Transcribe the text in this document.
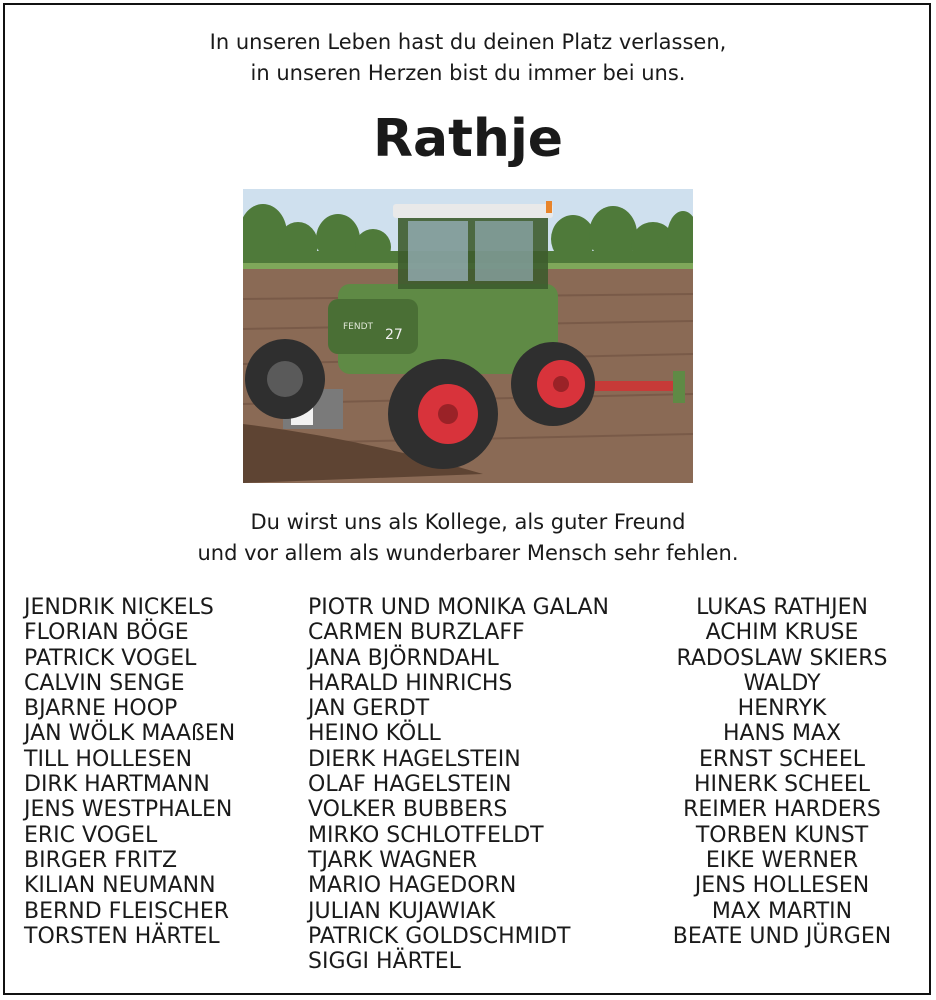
In unseren Leben hast du deinen Platz verlassen,
in unseren Herzen bist du immer bei uns.
Rathje
FENDT 27
Du wirst uns als Kollege, als guter Freund
und vor allem als wunderbarer Mensch sehr fehlen.
JENDRIK NICKELS
FLORIAN BÖGE
PATRICK VOGEL
CALVIN SENGE
BJARNE HOOP
JAN WÖLK MAAßEN
TILL HOLLESEN
DIRK HARTMANN
JENS WESTPHALEN
ERIC VOGEL
BIRGER FRITZ
KILIAN NEUMANN
BERND FLEISCHER
TORSTEN HÄRTEL
PIOTR UND MONIKA GALAN
CARMEN BURZLAFF
JANA BJÖRNDAHL
HARALD HINRICHS
JAN GERDT
HEINO KÖLL
DIERK HAGELSTEIN
OLAF HAGELSTEIN
VOLKER BUBBERS
MIRKO SCHLOTFELDT
TJARK WAGNER
MARIO HAGEDORN
JULIAN KUJAWIAK
PATRICK GOLDSCHMIDT
SIGGI HÄRTEL
LUKAS RATHJEN
ACHIM KRUSE
RADOSLAW SKIERS
WALDY
HENRYK
HANS MAX
ERNST SCHEEL
HINERK SCHEEL
REIMER HARDERS
TORBEN KUNST
EIKE WERNER
JENS HOLLESEN
MAX MARTIN
BEATE UND JÜRGEN
